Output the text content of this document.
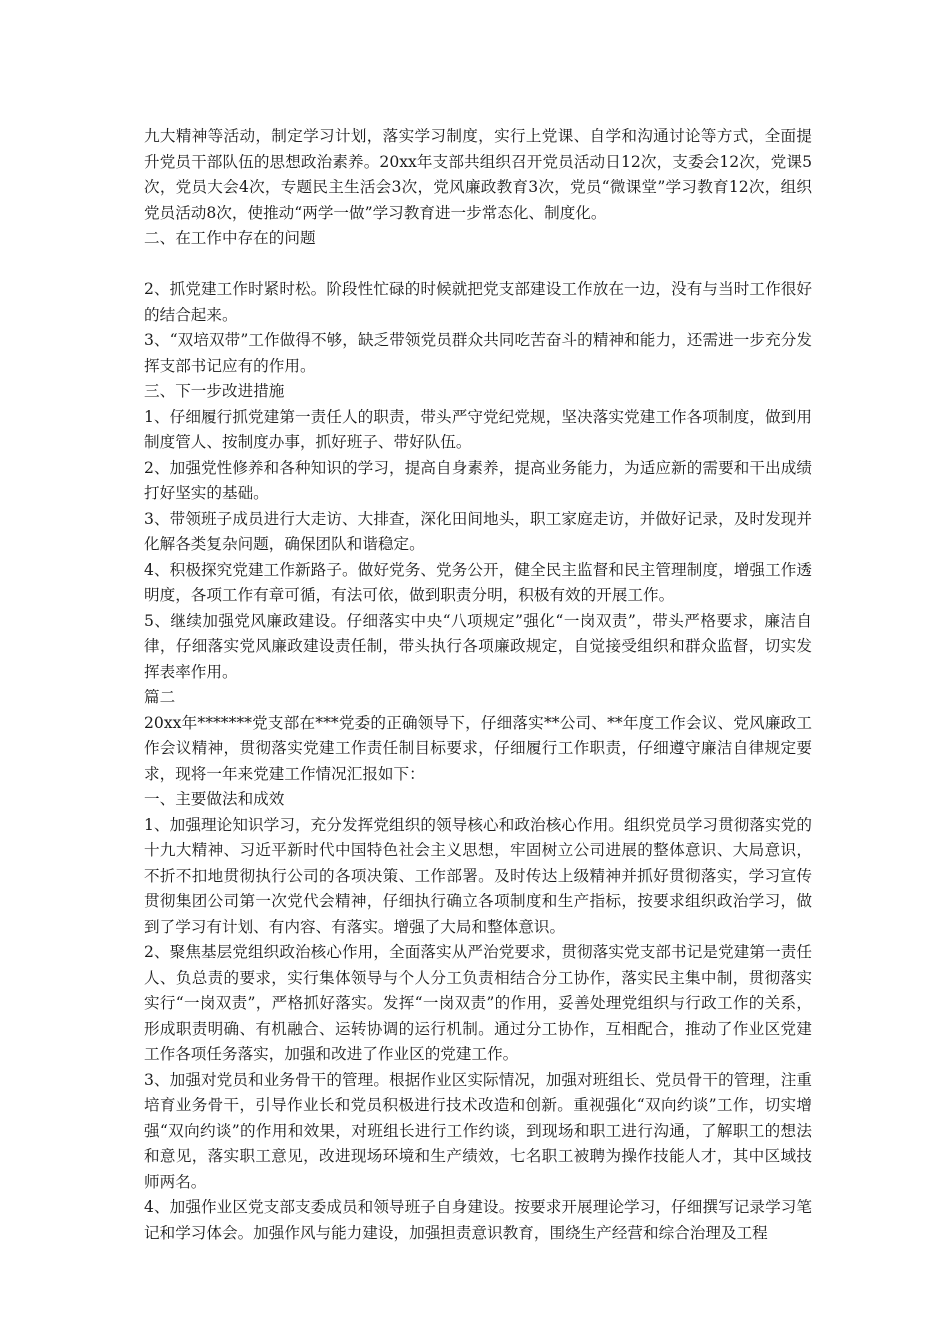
九大精神等活动，制定学习计划，落实学习制度，实行上党课、自学和沟通讨论等方式，全面提升党员干部队伍的思想政治素养。20xx年支部共组织召开党员活动日12次，支委会12次，党课5次，党员大会4次，专题民主生活会3次，党风廉政教育3次，党员“微课堂”学习教育12次，组织党员活动8次，使推动“两学一做”学习教育进一步常态化、制度化。

二、在工作中存在的问题

2、抓党建工作时紧时松。阶段性忙碌的时候就把党支部建设工作放在一边，没有与当时工作很好的结合起来。

3、“双培双带”工作做得不够，缺乏带领党员群众共同吃苦奋斗的精神和能力，还需进一步充分发挥支部书记应有的作用。

三、下一步改进措施

1、仔细履行抓党建第一责任人的职责，带头严守党纪党规，坚决落实党建工作各项制度，做到用制度管人、按制度办事，抓好班子、带好队伍。

2、加强党性修养和各种知识的学习，提高自身素养，提高业务能力，为适应新的需要和干出成绩打好坚实的基础。

3、带领班子成员进行大走访、大排查，深化田间地头，职工家庭走访，并做好记录，及时发现并化解各类复杂问题，确保团队和谐稳定。

4、积极探究党建工作新路子。做好党务、党务公开，健全民主监督和民主管理制度，增强工作透明度，各项工作有章可循，有法可依，做到职责分明，积极有效的开展工作。

5、继续加强党风廉政建设。仔细落实中央“八项规定”强化“一岗双责”，带头严格要求，廉洁自律，仔细落实党风廉政建设责任制，带头执行各项廉政规定，自觉接受组织和群众监督，切实发挥表率作用。

篇二

20xx年*******党支部在***党委的正确领导下，仔细落实**公司、**年度工作会议、党风廉政工作会议精神，贯彻落实党建工作责任制目标要求，仔细履行工作职责，仔细遵守廉洁自律规定要求，现将一年来党建工作情况汇报如下：

一、主要做法和成效

1、加强理论知识学习，充分发挥党组织的领导核心和政治核心作用。组织党员学习贯彻落实党的十九大精神、习近平新时代中国特色社会主义思想，牢固树立公司进展的整体意识、大局意识，不折不扣地贯彻执行公司的各项决策、工作部署。及时传达上级精神并抓好贯彻落实，学习宣传贯彻集团公司第一次党代会精神，仔细执行确立各项制度和生产指标，按要求组织政治学习，做到了学习有计划、有内容、有落实。增强了大局和整体意识。

2、聚焦基层党组织政治核心作用，全面落实从严治党要求，贯彻落实党支部书记是党建第一责任人、负总责的要求，实行集体领导与个人分工负责相结合分工协作，落实民主集中制，贯彻落实实行“一岗双责”，严格抓好落实。发挥“一岗双责”的作用，妥善处理党组织与行政工作的关系，形成职责明确、有机融合、运转协调的运行机制。通过分工协作，互相配合，推动了作业区党建工作各项任务落实，加强和改进了作业区的党建工作。

3、加强对党员和业务骨干的管理。根据作业区实际情况，加强对班组长、党员骨干的管理，注重培育业务骨干，引导作业长和党员积极进行技术改造和创新。重视强化“双向约谈”工作，切实增强“双向约谈”的作用和效果，对班组长进行工作约谈，到现场和职工进行沟通，了解职工的想法和意见，落实职工意见，改进现场环境和生产绩效，七名职工被聘为操作技能人才，其中区域技师两名。

4、加强作业区党支部支委成员和领导班子自身建设。按要求开展理论学习，仔细撰写记录学习笔记和学习体会。加强作风与能力建设，加强担责意识教育，围绕生产经营和综合治理及工程
